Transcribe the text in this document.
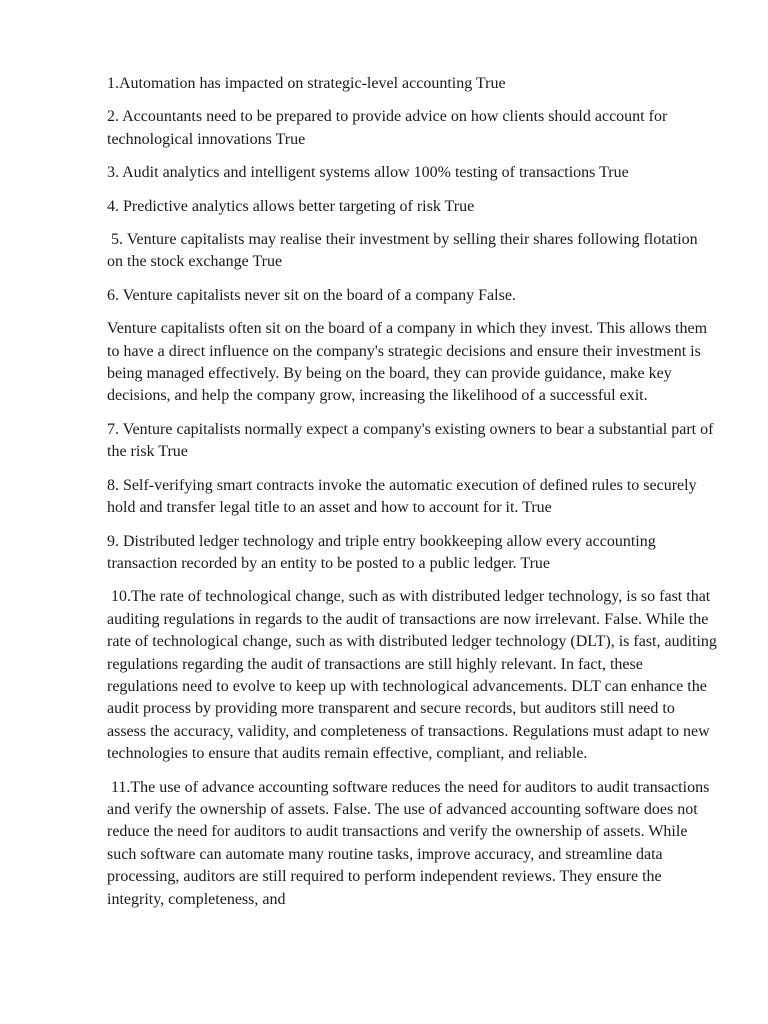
1.Automation has impacted on strategic-level accounting True

2. Accountants need to be prepared to provide advice on how clients should account for technological innovations True

3. Audit analytics and intelligent systems allow 100% testing of transactions True

4. Predictive analytics allows better targeting of risk True

5. Venture capitalists may realise their investment by selling their shares following flotation on the stock exchange True

6. Venture capitalists never sit on the board of a company False.

Venture capitalists often sit on the board of a company in which they invest. This allows them to have a direct influence on the company's strategic decisions and ensure their investment is being managed effectively. By being on the board, they can provide guidance, make key decisions, and help the company grow, increasing the likelihood of a successful exit.

7. Venture capitalists normally expect a company's existing owners to bear a substantial part of the risk True

8. Self-verifying smart contracts invoke the automatic execution of defined rules to securely hold and transfer legal title to an asset and how to account for it. True

9. Distributed ledger technology and triple entry bookkeeping allow every accounting transaction recorded by an entity to be posted to a public ledger. True

10.The rate of technological change, such as with distributed ledger technology, is so fast that auditing regulations in regards to the audit of transactions are now irrelevant. False. While the rate of technological change, such as with distributed ledger technology (DLT), is fast, auditing regulations regarding the audit of transactions are still highly relevant. In fact, these regulations need to evolve to keep up with technological advancements. DLT can enhance the audit process by providing more transparent and secure records, but auditors still need to assess the accuracy, validity, and completeness of transactions. Regulations must adapt to new technologies to ensure that audits remain effective, compliant, and reliable.

11.The use of advance accounting software reduces the need for auditors to audit transactions and verify the ownership of assets. False. The use of advanced accounting software does not reduce the need for auditors to audit transactions and verify the ownership of assets. While such software can automate many routine tasks, improve accuracy, and streamline data processing, auditors are still required to perform independent reviews. They ensure the integrity, completeness, and
